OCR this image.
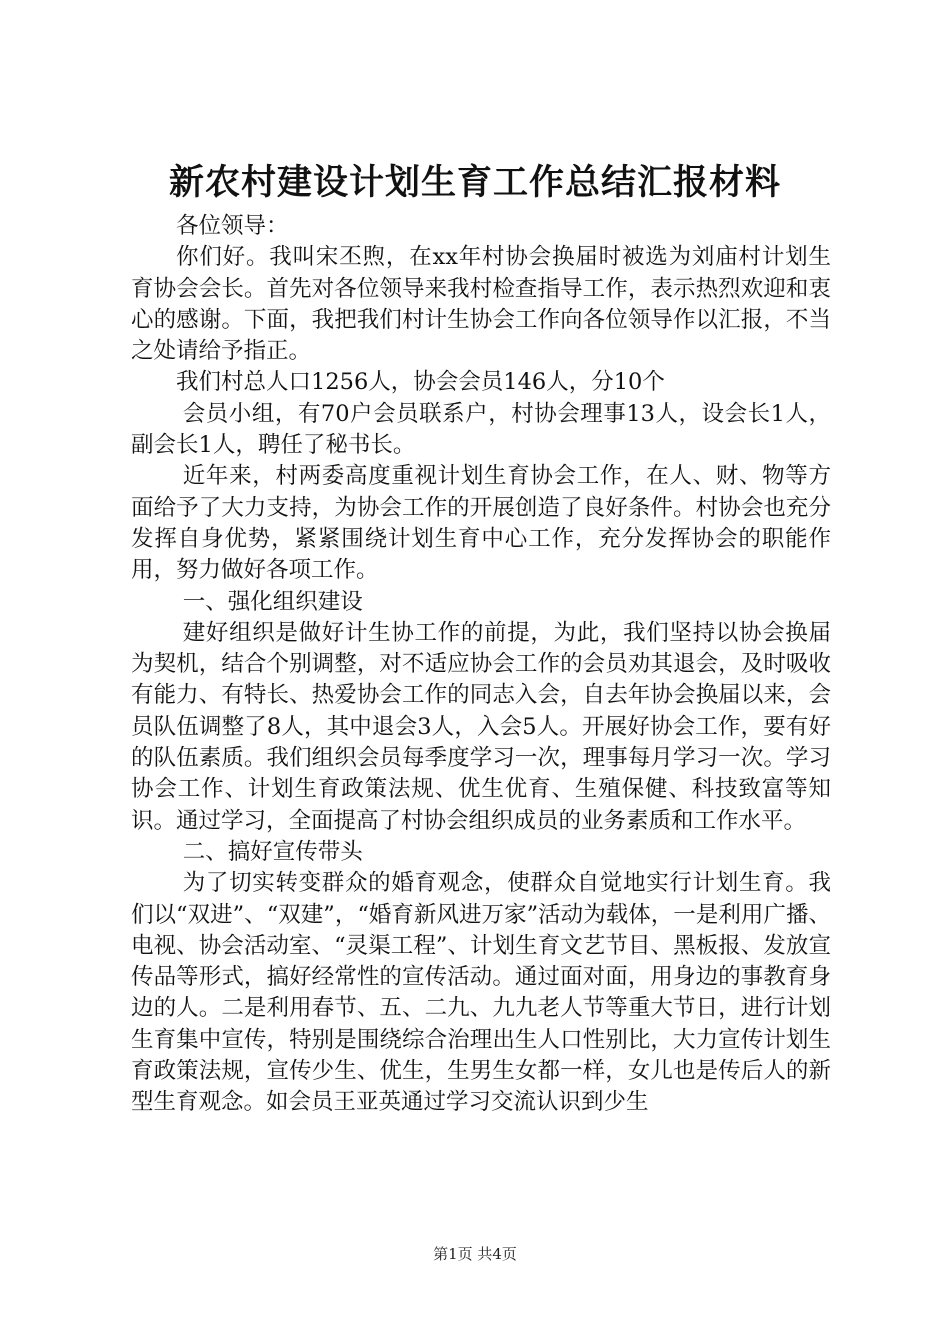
新农村建设计划生育工作总结汇报材料

各位领导：

你们好。我叫宋丕煦，在xx年村协会换届时被选为刘庙村计划生育协会会长。首先对各位领导来我村检查指导工作，表示热烈欢迎和衷心的感谢。下面，我把我们村计生协会工作向各位领导作以汇报，不当之处请给予指正。

我们村总人口1256人，协会会员146人，分10个

会员小组，有70户会员联系户，村协会理事13人，设会长1人，副会长1人，聘任了秘书长。

近年来，村两委高度重视计划生育协会工作，在人、财、物等方面给予了大力支持，为协会工作的开展创造了良好条件。村协会也充分发挥自身优势，紧紧围绕计划生育中心工作，充分发挥协会的职能作用，努力做好各项工作。

一、强化组织建设

建好组织是做好计生协工作的前提，为此，我们坚持以协会换届为契机，结合个别调整，对不适应协会工作的会员劝其退会，及时吸收有能力、有特长、热爱协会工作的同志入会，自去年协会换届以来，会员队伍调整了8人，其中退会3人，入会5人。开展好协会工作，要有好的队伍素质。我们组织会员每季度学习一次，理事每月学习一次。学习协会工作、计划生育政策法规、优生优育、生殖保健、科技致富等知识。通过学习，全面提高了村协会组织成员的业务素质和工作水平。

二、搞好宣传带头

为了切实转变群众的婚育观念，使群众自觉地实行计划生育。我们以“双进”、“双建”，“婚育新风进万家”活动为载体，一是利用广播、电视、协会活动室、“灵渠工程”、计划生育文艺节目、黑板报、发放宣传品等形式，搞好经常性的宣传活动。通过面对面，用身边的事教育身边的人。二是利用春节、五、二九、九九老人节等重大节日，进行计划生育集中宣传，特别是围绕综合治理出生人口性别比，大力宣传计划生育政策法规，宣传少生、优生，生男生女都一样，女儿也是传后人的新型生育观念。如会员王亚英通过学习交流认识到少生

第1页 共4页
